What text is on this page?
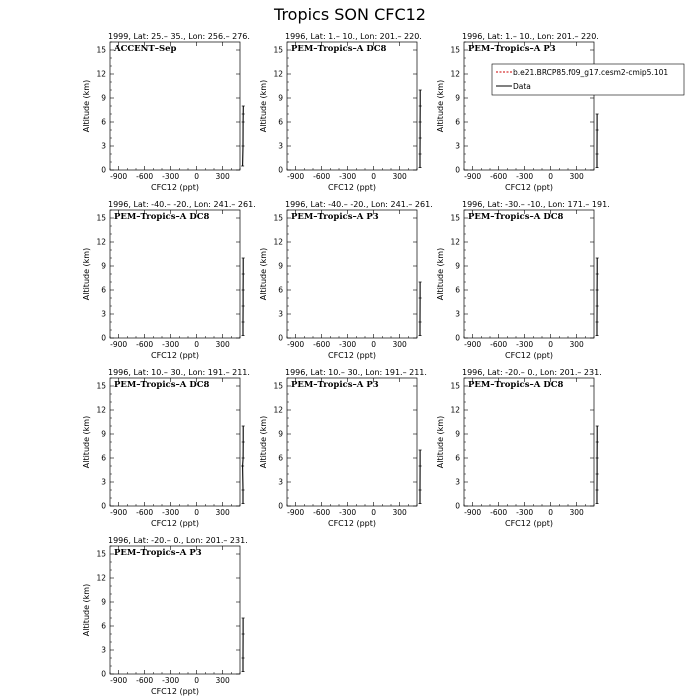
Tropics SON CFC12
1999, Lat: 25.– 35., Lon: 256.– 276.
ACCENT–Sep
-900 -600 -300 0 300
0
3
6
9
12
15
CFC12 (ppt)
Altitude (km)
1996, Lat: 1.– 10., Lon: 201.– 220.
PEM–Tropics–A DC8
-900 -600 -300 0 300
0
3
6
9
12
15
CFC12 (ppt)
Altitude (km)
1996, Lat: 1.– 10., Lon: 201.– 220.
PEM–Tropics–A P3
-900 -600 -300 0 300
0
3
6
9
12
15
CFC12 (ppt)
Altitude (km)
1996, Lat: -40.– -20., Lon: 241.– 261.
PEM–Tropics–A DC8
-900 -600 -300 0 300
0
3
6
9
12
15
CFC12 (ppt)
Altitude (km)
1996, Lat: -40.– -20., Lon: 241.– 261.
PEM–Tropics–A P3
-900 -600 -300 0 300
0
3
6
9
12
15
CFC12 (ppt)
Altitude (km)
1996, Lat: -30.– -10., Lon: 171.– 191.
PEM–Tropics–A DC8
-900 -600 -300 0 300
0
3
6
9
12
15
CFC12 (ppt)
Altitude (km)
1996, Lat: 10.– 30., Lon: 191.– 211.
PEM–Tropics–A DC8
-900 -600 -300 0 300
0
3
6
9
12
15
CFC12 (ppt)
Altitude (km)
1996, Lat: 10.– 30., Lon: 191.– 211.
PEM–Tropics–A P3
-900 -600 -300 0 300
0
3
6
9
12
15
CFC12 (ppt)
Altitude (km)
1996, Lat: -20.– 0., Lon: 201.– 231.
PEM–Tropics–A DC8
-900 -600 -300 0 300
0
3
6
9
12
15
CFC12 (ppt)
Altitude (km)
1996, Lat: -20.– 0., Lon: 201.– 231.
PEM–Tropics–A P3
-900 -600 -300 0 300
0
3
6
9
12
15
CFC12 (ppt)
Altitude (km)
b.e21.BRCP85.f09_g17.cesm2-cmip5.101
Data
